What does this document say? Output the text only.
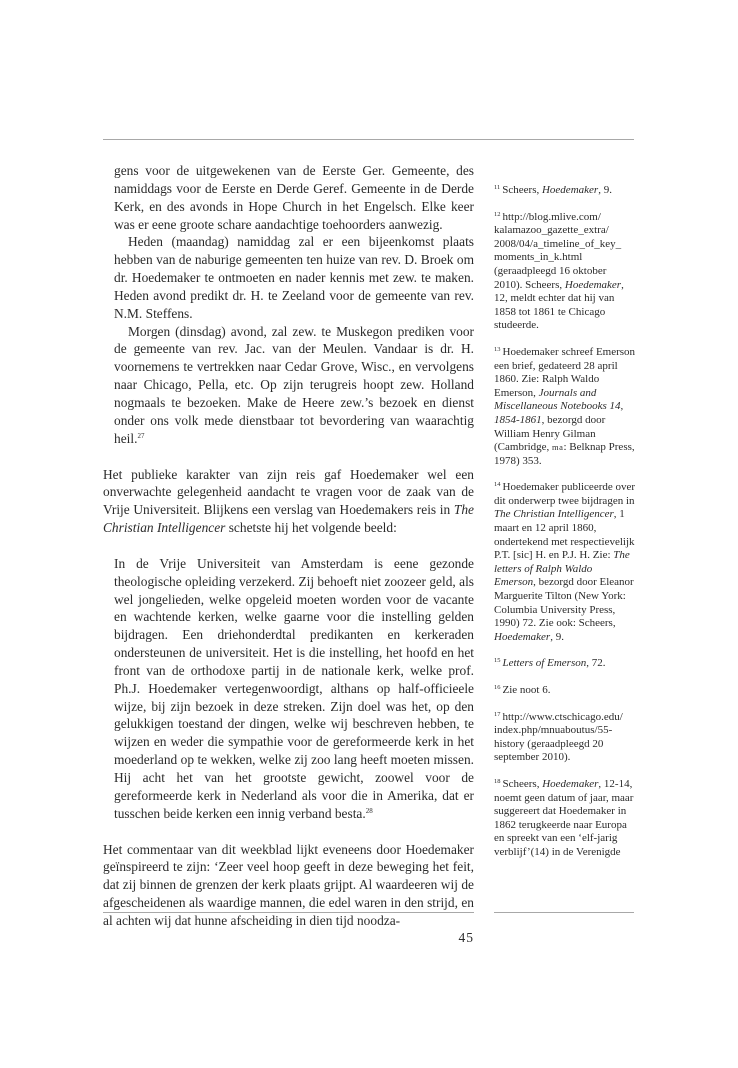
gens voor de uitgewekenen van de Eerste Ger. Gemeente, des namiddags voor de Eerste en Derde Geref. Gemeente in de Derde Kerk, en des avonds in Hope Church in het Engelsch. Elke keer was er eene groote schare aandachtige toehoorders aanwezig.

Heden (maandag) namiddag zal er een bijeenkomst plaats hebben van de naburige gemeenten ten huize van rev. D. Broek om dr. Hoedemaker te ontmoeten en nader kennis met zew. te maken. Heden avond predikt dr. H. te Zeeland voor de gemeente van rev. N.M. Steffens.

Morgen (dinsdag) avond, zal zew. te Muskegon prediken voor de gemeente van rev. Jac. van der Meulen. Vandaar is dr. H. voornemens te vertrekken naar Cedar Grove, Wisc., en vervolgens naar Chicago, Pella, etc. Op zijn terugreis hoopt zew. Holland nogmaals te bezoeken. Make de Heere zew.’s bezoek en dienst onder ons volk mede dienstbaar tot bevordering van waarachtig heil.$^{27}$

Het publieke karakter van zijn reis gaf Hoedemaker wel een onverwachte gelegenheid aandacht te vragen voor de zaak van de Vrije Universiteit. Blijkens een verslag van Hoedemakers reis in The Christian Intelligencer schetste hij het volgende beeld:

In de Vrije Universiteit van Amsterdam is eene gezonde theologische opleiding verzekerd. Zij behoeft niet zoozeer geld, als wel jongelieden, welke opgeleid moeten worden voor de vacante en wachtende kerken, welke gaarne voor die instelling gelden bijdragen. Een driehonderdtal predikanten en kerkeraden ondersteunen de universiteit. Het is die instelling, het hoofd en het front van de orthodoxe partij in de nationale kerk, welke prof. Ph.J. Hoedemaker vertegenwoordigt, althans op half-officieele wijze, bij zijn bezoek in deze streken. Zijn doel was het, op den gelukkigen toestand der dingen, welke wij beschreven hebben, te wijzen en weder die sympathie voor de gereformeerde kerk in het moederland op te wekken, welke zij zoo lang heeft moeten missen. Hij acht het van het grootste gewicht, zoowel voor de gereformeerde kerk in Nederland als voor die in Amerika, dat er tusschen beide kerken een innig verband besta.$^{28}$

Het commentaar van dit weekblad lijkt eveneens door Hoedemaker geïnspireerd te zijn: ‘Zeer veel hoop geeft in deze beweging het feit, dat zij binnen de grenzen der kerk plaats grijpt. Al waardeeren wij de afgescheidenen als waardige mannen, die edel waren in den strijd, en al achten wij dat hunne afscheiding in dien tijd noodza-

$^{11}$ Scheers, Hoedemaker, 9.

$^{12}$ http://blog.mlive.com/ kalamazoo_gazette_extra/ 2008/04/a_timeline_of_key_ moments_in_k.html (geraadpleegd 16 oktober 2010). Scheers, Hoedemaker, 12, meldt echter dat hij van 1858 tot 1861 te Chicago studeerde.

$^{13}$ Hoedemaker schreef Emerson een brief, gedateerd 28 april 1860. Zie: Ralph Waldo Emerson, Journals and Miscellaneous Notebooks 14, 1854-1861, bezorgd door William Henry Gilman (Cambridge, ma: Belknap Press, 1978) 353.

$^{14}$ Hoedemaker publiceerde over dit onderwerp twee bijdragen in The Christian Intelligencer, 1 maart en 12 april 1860, ondertekend met respectievelijk P.T. [sic] H. en P.J. H. Zie: The letters of Ralph Waldo Emerson, bezorgd door Eleanor Marguerite Tilton (New York: Columbia University Press, 1990) 72. Zie ook: Scheers, Hoedemaker, 9.

$^{15}$ Letters of Emerson, 72.

$^{16}$ Zie noot 6.

$^{17}$ http://www.ctschicago.edu/ index.php/mnuaboutus/55-history (geraadpleegd 20 september 2010).

$^{18}$ Scheers, Hoedemaker, 12-14, noemt geen datum of jaar, maar suggereert dat Hoedemaker in 1862 terugkeerde naar Europa en spreekt van een ‘elf-jarig verblijf’(14) in de Verenigde

45
